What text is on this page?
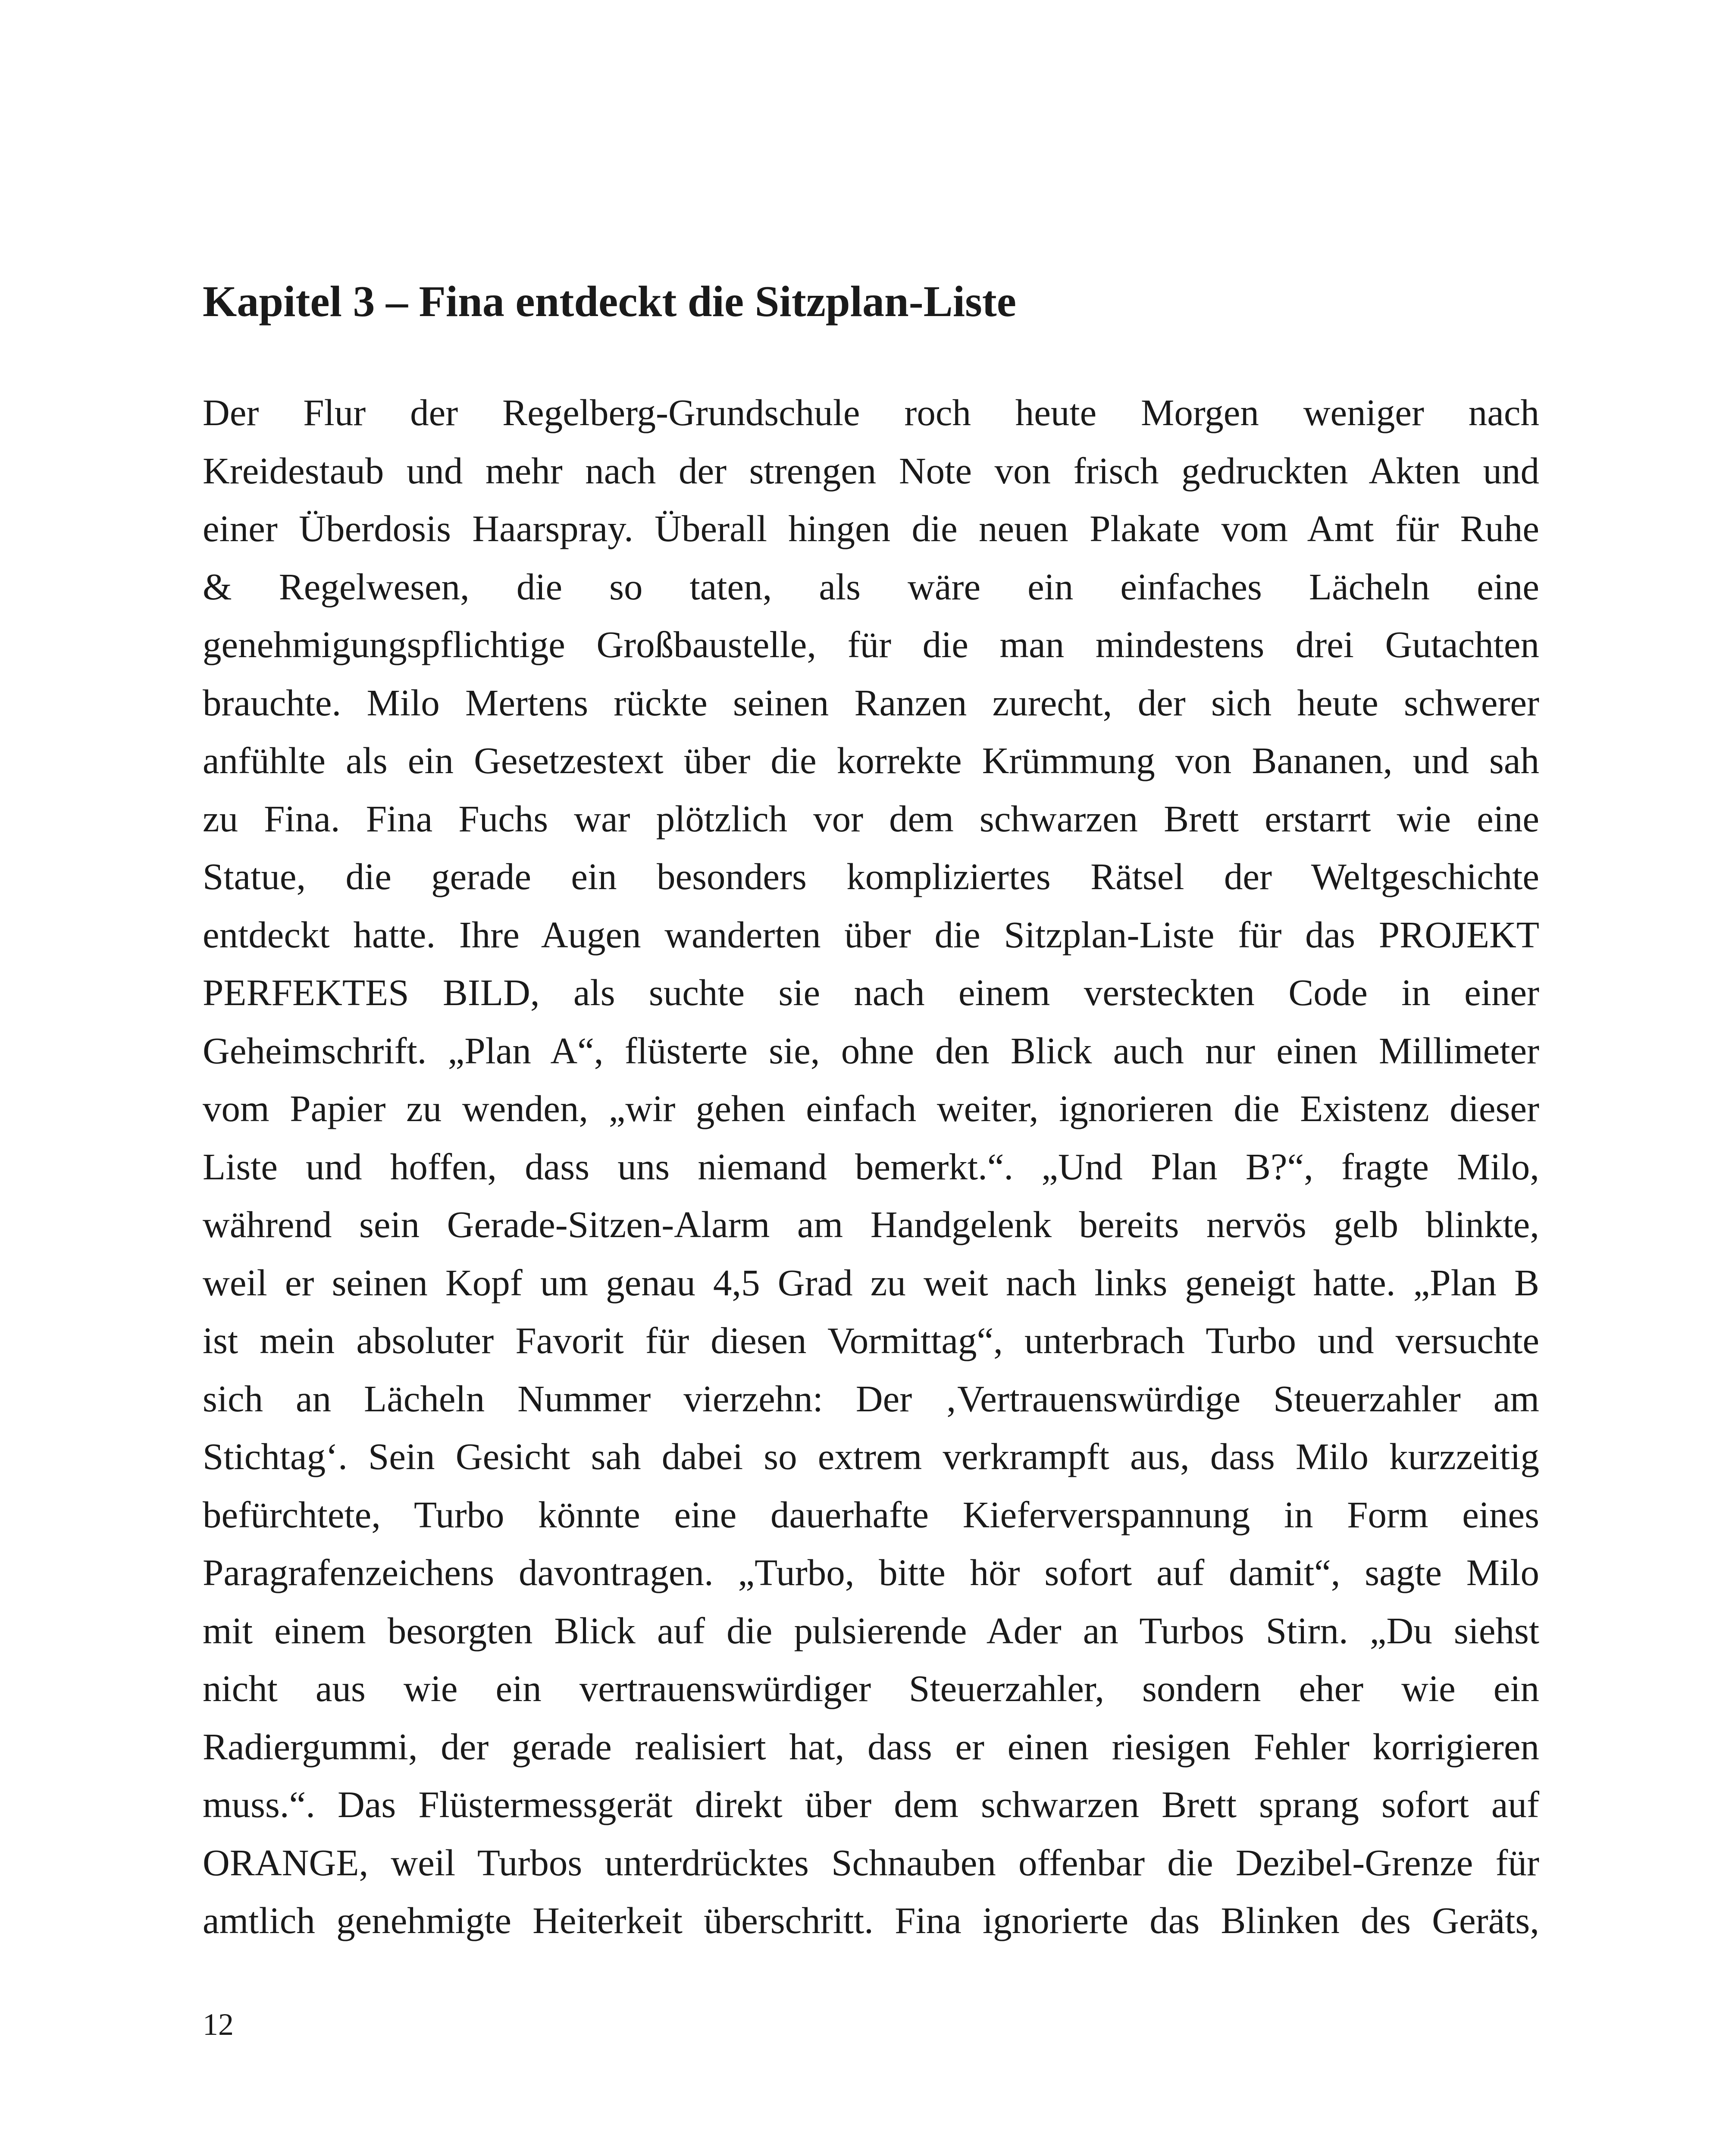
Kapitel 3 – Fina entdeckt die Sitzplan-Liste
Der Flur der Regelberg-Grundschule roch heute Morgen weniger nach
Kreidestaub und mehr nach der strengen Note von frisch gedruckten Akten und
einer Überdosis Haarspray. Überall hingen die neuen Plakate vom Amt für Ruhe
& Regelwesen, die so taten, als wäre ein einfaches Lächeln eine
genehmigungspflichtige Großbaustelle, für die man mindestens drei Gutachten
brauchte. Milo Mertens rückte seinen Ranzen zurecht, der sich heute schwerer
anfühlte als ein Gesetzestext über die korrekte Krümmung von Bananen, und sah
zu Fina. Fina Fuchs war plötzlich vor dem schwarzen Brett erstarrt wie eine
Statue, die gerade ein besonders kompliziertes Rätsel der Weltgeschichte
entdeckt hatte. Ihre Augen wanderten über die Sitzplan-Liste für das PROJEKT
PERFEKTES BILD, als suchte sie nach einem versteckten Code in einer
Geheimschrift. „Plan A“, flüsterte sie, ohne den Blick auch nur einen Millimeter
vom Papier zu wenden, „wir gehen einfach weiter, ignorieren die Existenz dieser
Liste und hoffen, dass uns niemand bemerkt.“. „Und Plan B?“, fragte Milo,
während sein Gerade-Sitzen-Alarm am Handgelenk bereits nervös gelb blinkte,
weil er seinen Kopf um genau 4,5 Grad zu weit nach links geneigt hatte. „Plan B
ist mein absoluter Favorit für diesen Vormittag“, unterbrach Turbo und versuchte
sich an Lächeln Nummer vierzehn: Der ‚Vertrauenswürdige Steuerzahler am
Stichtag‘. Sein Gesicht sah dabei so extrem verkrampft aus, dass Milo kurzzeitig
befürchtete, Turbo könnte eine dauerhafte Kieferverspannung in Form eines
Paragrafenzeichens davontragen. „Turbo, bitte hör sofort auf damit“, sagte Milo
mit einem besorgten Blick auf die pulsierende Ader an Turbos Stirn. „Du siehst
nicht aus wie ein vertrauenswürdiger Steuerzahler, sondern eher wie ein
Radiergummi, der gerade realisiert hat, dass er einen riesigen Fehler korrigieren
muss.“. Das Flüstermessgerät direkt über dem schwarzen Brett sprang sofort auf
ORANGE, weil Turbos unterdrücktes Schnauben offenbar die Dezibel-Grenze für
amtlich genehmigte Heiterkeit überschritt. Fina ignorierte das Blinken des Geräts,

12
